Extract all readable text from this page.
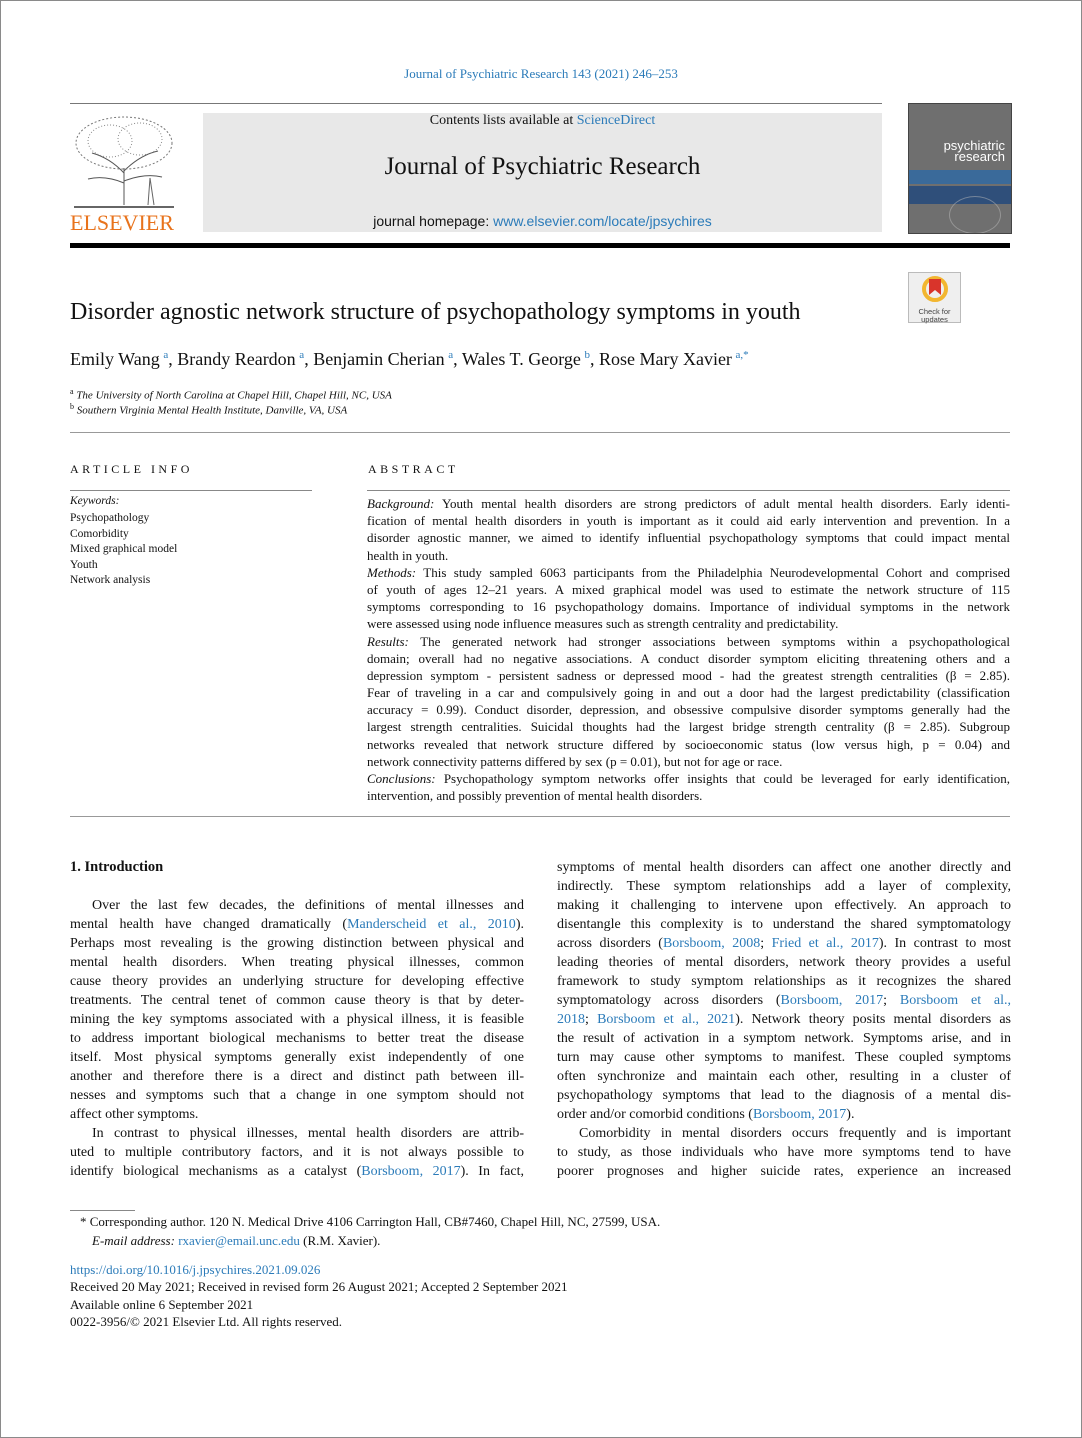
Journal of Psychiatric Research 143 (2021) 246–253
ELSEVIER
Contents lists available at ScienceDirect
Journal of Psychiatric Research
journal homepage: www.elsevier.com/locate/jpsychires
psychiatric research
Check for updates
Disorder agnostic network structure of psychopathology symptoms in youth
Emily Wang  $^a$, Brandy Reardon  $^a$, Benjamin Cherian  $^a$, Wales T. George  $^b$, Rose Mary Xavier  $^{a,*}$
$^a$ The University of North Carolina at Chapel Hill, Chapel Hill, NC, USA
$^b$ Southern Virginia Mental Health Institute, Danville, VA, USA
ARTICLE INFO
Keywords:
Psychopathology
Comorbidity
Mixed graphical model
Youth
Network analysis
ABSTRACT
Background: Youth mental health disorders are strong predictors of adult mental health disorders. Early identi-
fication of mental health disorders in youth is important as it could aid early intervention and prevention. In a
disorder agnostic manner, we aimed to identify influential psychopathology symptoms that could impact mental
health in youth.
Methods: This study sampled 6063 participants from the Philadelphia Neurodevelopmental Cohort and comprised
of youth of ages 12–21 years. A mixed graphical model was used to estimate the network structure of 115
symptoms corresponding to 16 psychopathology domains. Importance of individual symptoms in the network
were assessed using node influence measures such as strength centrality and predictability.
Results: The generated network had stronger associations between symptoms within a psychopathological
domain; overall had no negative associations. A conduct disorder symptom eliciting threatening others and a
depression symptom - persistent sadness or depressed mood - had the greatest strength centralities (β = 2.85).
Fear of traveling in a car and compulsively going in and out a door had the largest predictability (classification
accuracy = 0.99). Conduct disorder, depression, and obsessive compulsive disorder symptoms generally had the
largest strength centralities. Suicidal thoughts had the largest bridge strength centrality (β = 2.85). Subgroup
networks revealed that network structure differed by socioeconomic status (low versus high, p = 0.04) and
network connectivity patterns differed by sex (p = 0.01), but not for age or race.
Conclusions: Psychopathology symptom networks offer insights that could be leveraged for early identification,
intervention, and possibly prevention of mental health disorders.
1. Introduction
Over the last few decades, the definitions of mental illnesses and
mental health have changed dramatically (Manderscheid et al., 2010).
Perhaps most revealing is the growing distinction between physical and
mental health disorders. When treating physical illnesses, common
cause theory provides an underlying structure for developing effective
treatments. The central tenet of common cause theory is that by deter-
mining the key symptoms associated with a physical illness, it is feasible
to address important biological mechanisms to better treat the disease
itself. Most physical symptoms generally exist independently of one
another and therefore there is a direct and distinct path between ill-
nesses and symptoms such that a change in one symptom should not
affect other symptoms.
In contrast to physical illnesses, mental health disorders are attrib-
uted to multiple contributory factors, and it is not always possible to
identify biological mechanisms as a catalyst (Borsboom, 2017). In fact,
symptoms of mental health disorders can affect one another directly and
indirectly. These symptom relationships add a layer of complexity,
making it challenging to intervene upon effectively. An approach to
disentangle this complexity is to understand the shared symptomatology
across disorders (Borsboom, 2008; Fried et al., 2017). In contrast to most
leading theories of mental disorders, network theory provides a useful
framework to study symptom relationships as it recognizes the shared
symptomatology across disorders (Borsboom, 2017; Borsboom et al.,
2018; Borsboom et al., 2021). Network theory posits mental disorders as
the result of activation in a symptom network. Symptoms arise, and in
turn may cause other symptoms to manifest. These coupled symptoms
often synchronize and maintain each other, resulting in a cluster of
psychopathology symptoms that lead to the diagnosis of a mental dis-
order and/or comorbid conditions (Borsboom, 2017).
Comorbidity in mental disorders occurs frequently and is important
to study, as those individuals who have more symptoms tend to have
poorer prognoses and higher suicide rates, experience an increased
* Corresponding author. 120 N. Medical Drive 4106 Carrington Hall, CB#7460, Chapel Hill, NC, 27599, USA.
E-mail address: rxavier@email.unc.edu (R.M. Xavier).
https://doi.org/10.1016/j.jpsychires.2021.09.026
Received 20 May 2021; Received in revised form 26 August 2021; Accepted 2 September 2021
Available online 6 September 2021
0022-3956/© 2021 Elsevier Ltd. All rights reserved.
